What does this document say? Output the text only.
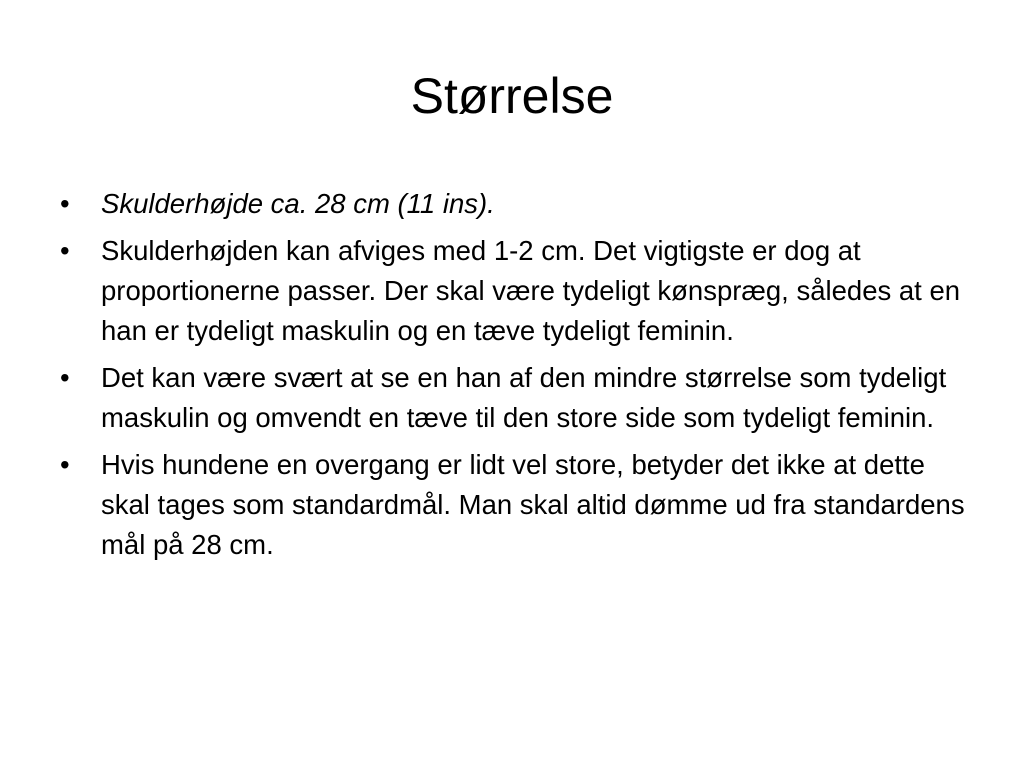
Størrelse
• Skulderhøjde ca. 28 cm (11 ins).
• Skulderhøjden kan afviges med 1-2 cm. Det vigtigste er dog at proportionerne passer. Der skal være tydeligt kønspræg, således at en han er tydeligt maskulin og en tæve tydeligt feminin.
• Det kan være svært at se en han af den mindre størrelse som tydeligt maskulin og omvendt en tæve til den store side som tydeligt feminin.
• Hvis hundene en overgang er lidt vel store, betyder det ikke at dette skal tages som standardmål. Man skal altid dømme ud fra standardens mål på 28 cm.
